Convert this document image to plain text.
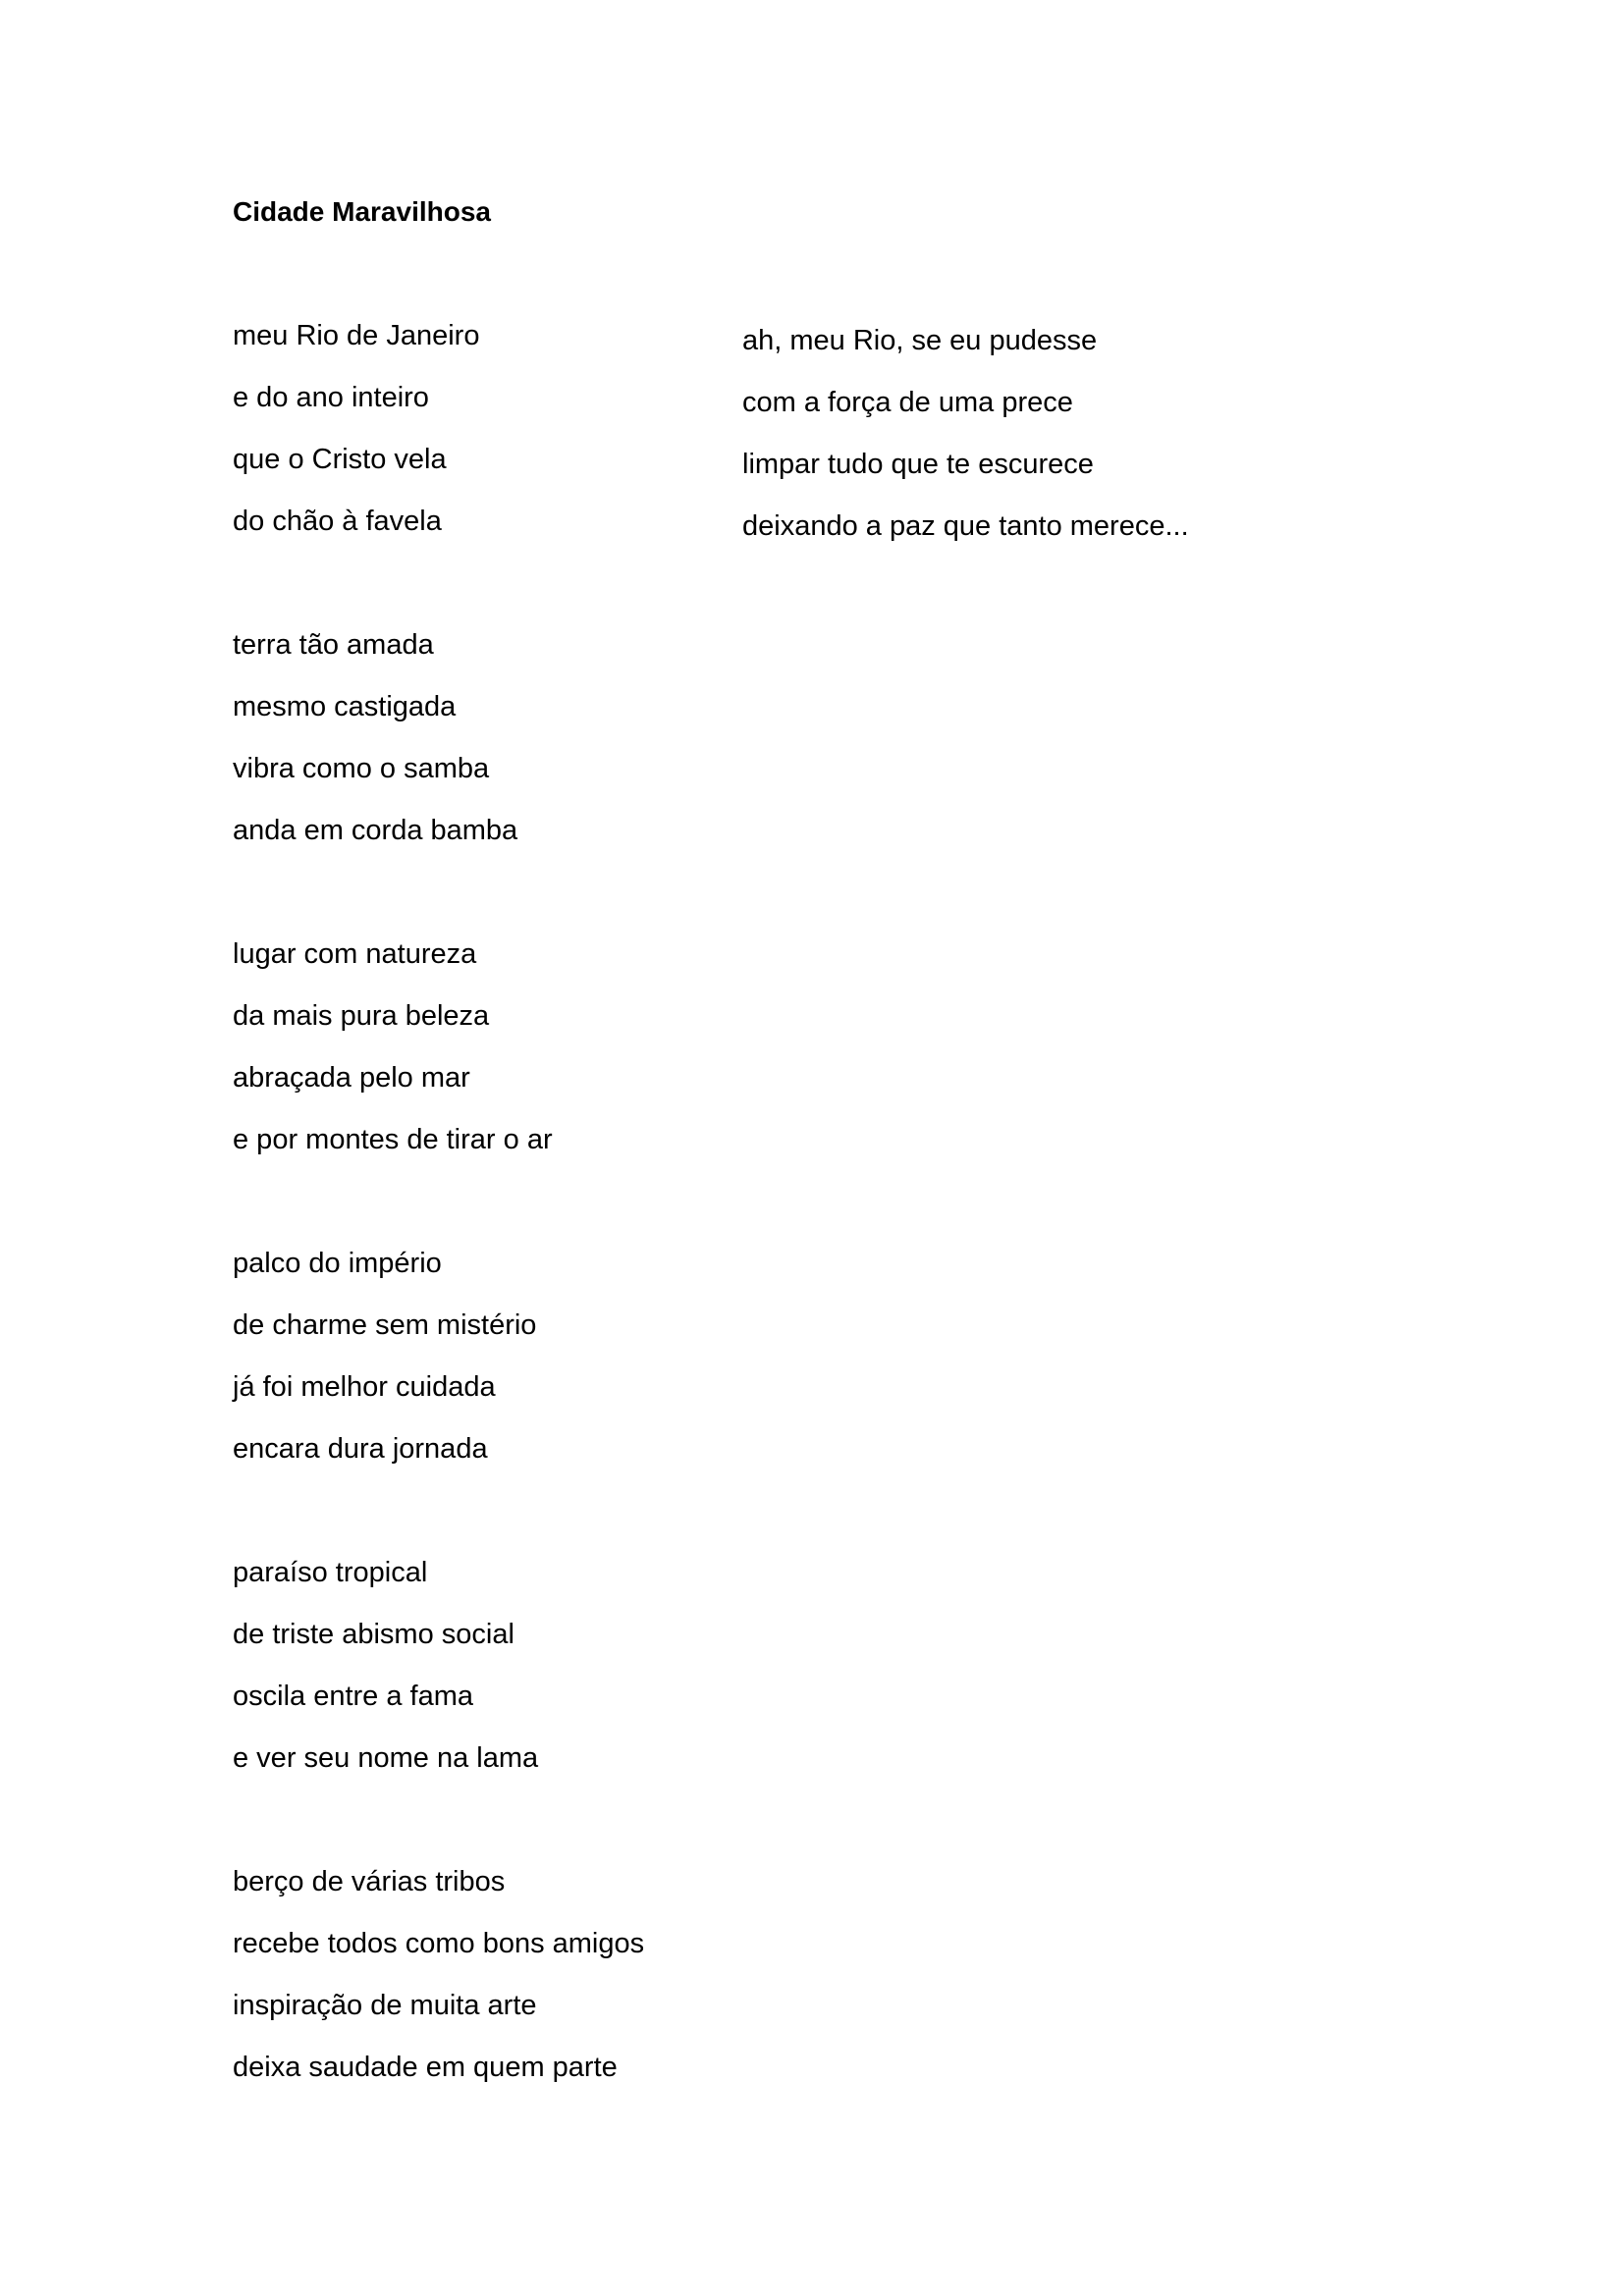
Cidade Maravilhosa
meu Rio de Janeiro
e do ano inteiro
que o Cristo vela
do chão à favela
terra tão amada
mesmo castigada
vibra como o samba
anda em corda bamba
lugar com natureza
da mais pura beleza
abraçada pelo mar
e por montes de tirar o ar
palco do império
de charme sem mistério
já foi melhor cuidada
encara dura jornada
paraíso tropical
de triste abismo social
oscila entre a fama
e ver seu nome na lama
berço de várias tribos
recebe todos como bons amigos
inspiração de muita arte
deixa saudade em quem parte
ah, meu Rio, se eu pudesse
com a força de uma prece
limpar tudo que te escurece
deixando a paz que tanto merece...
